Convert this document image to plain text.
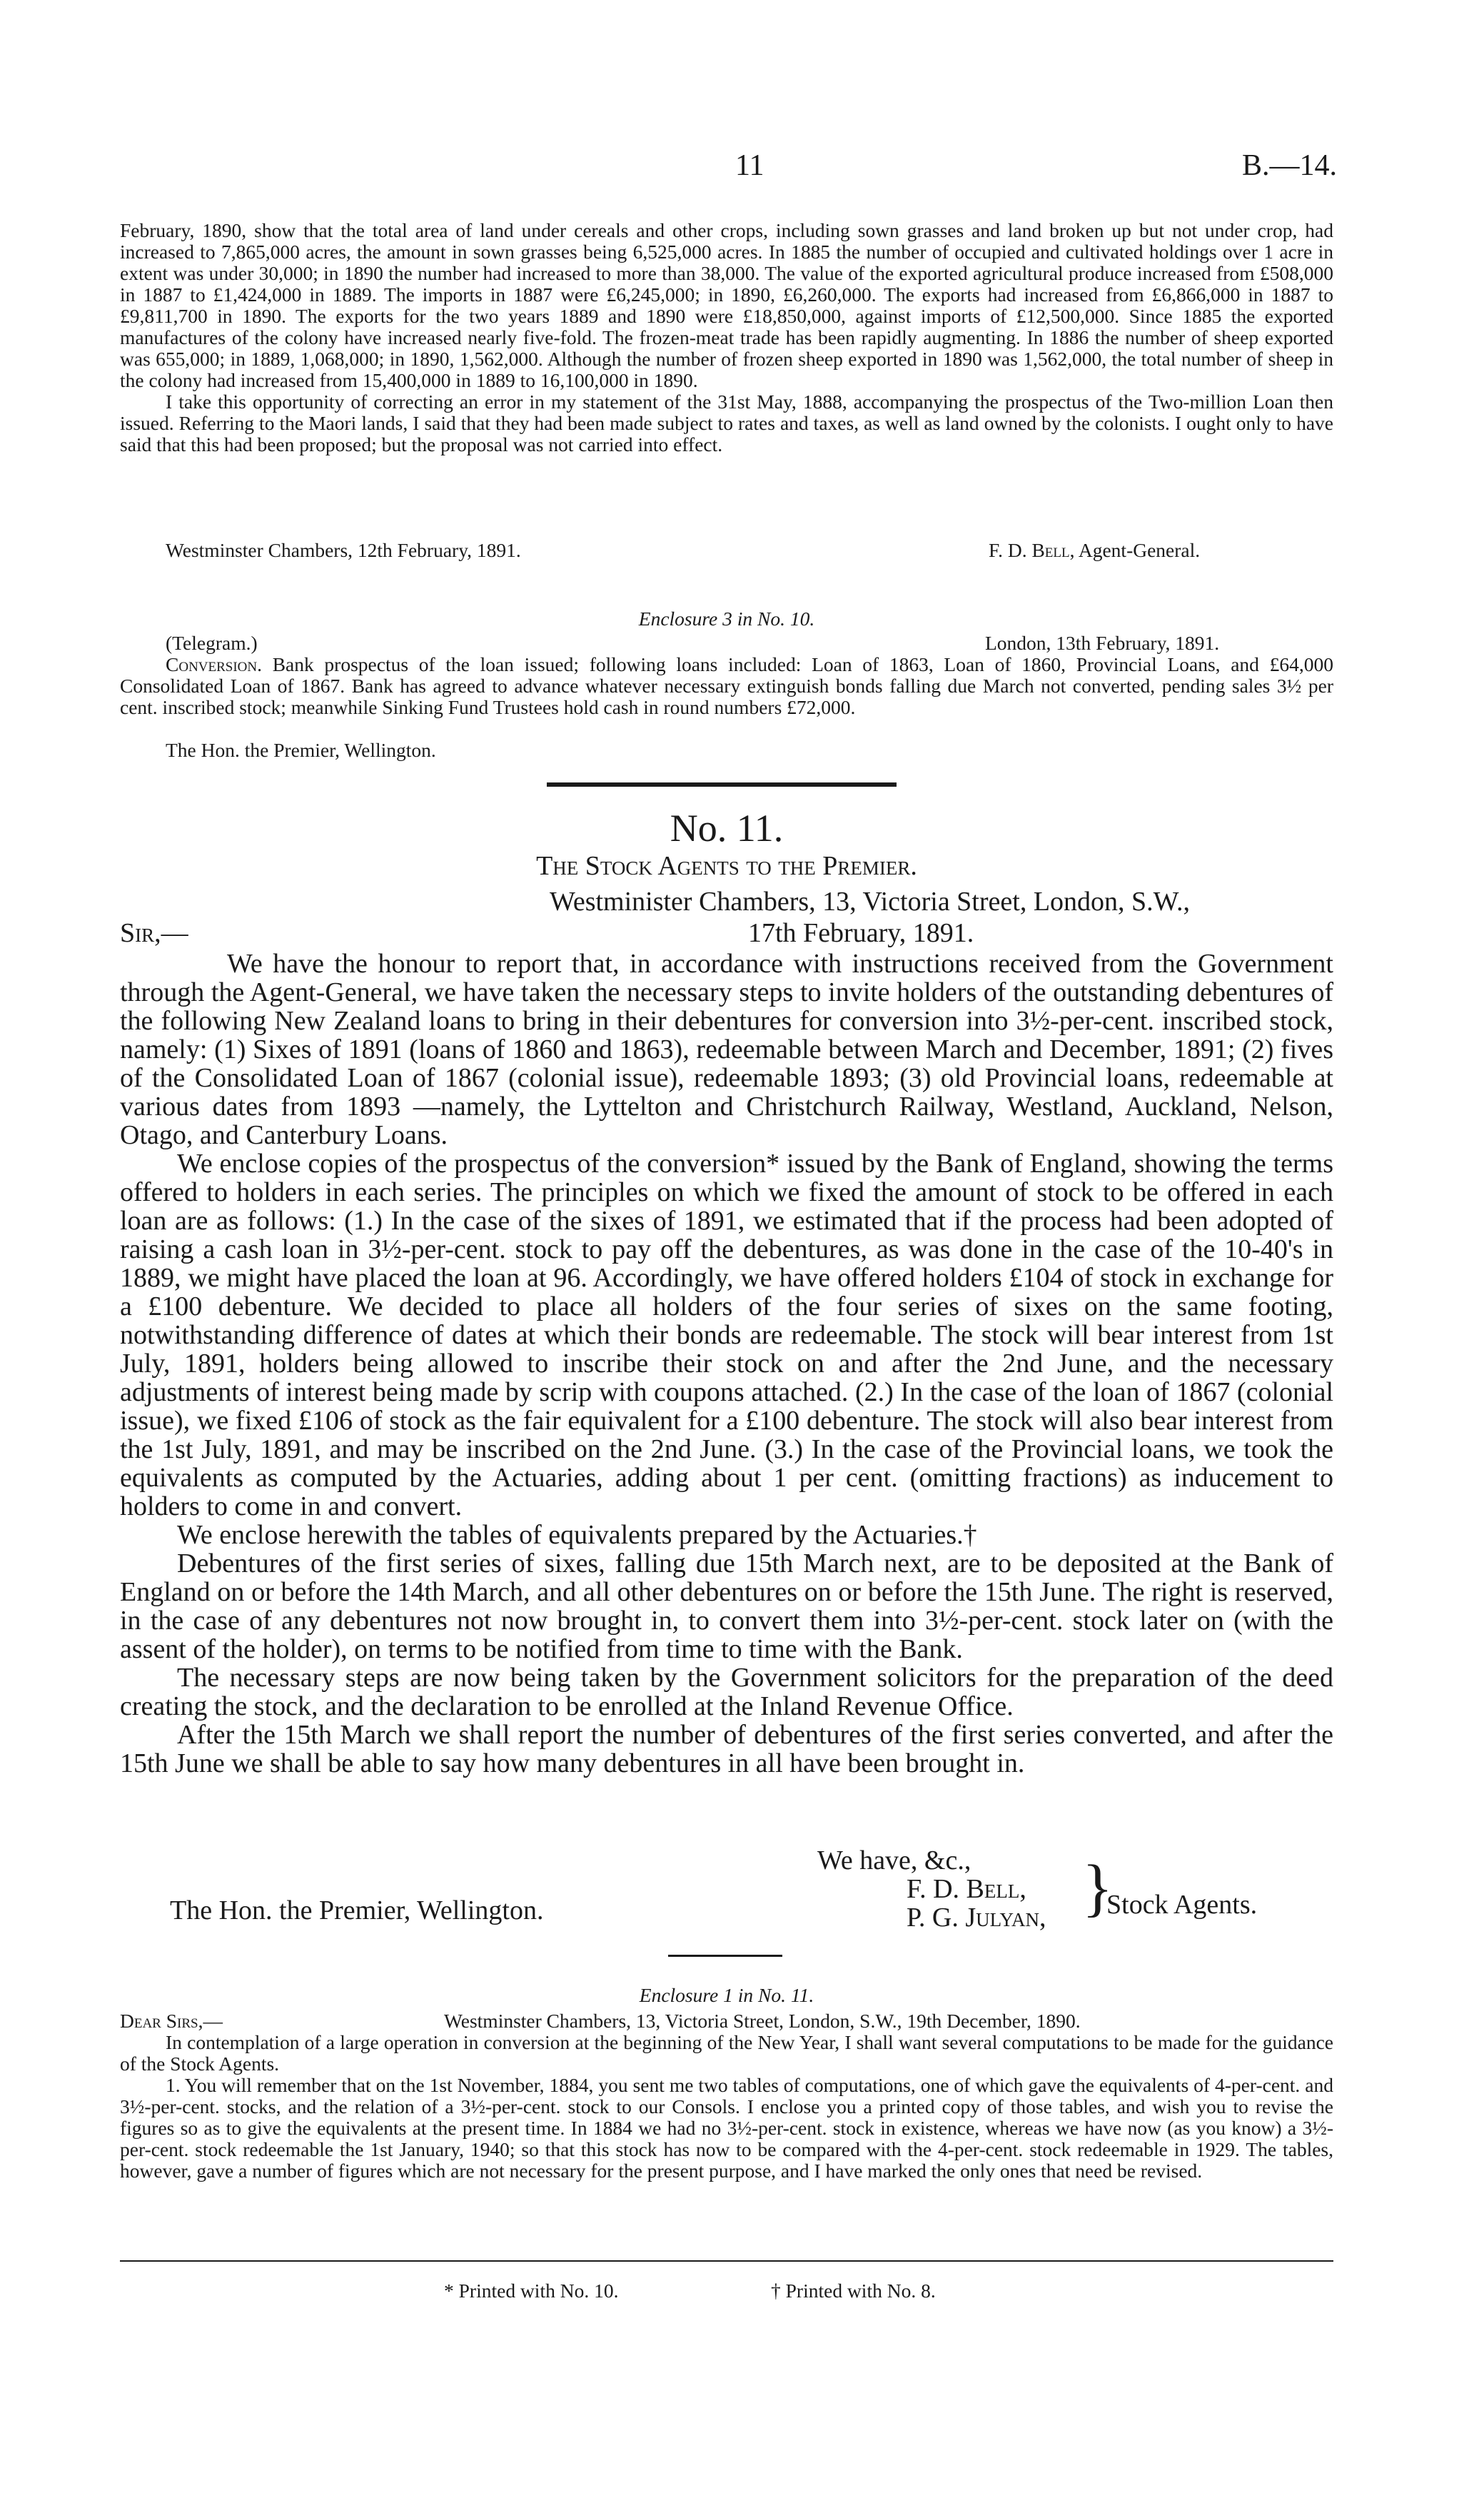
11	B.—14.

February, 1890, show that the total area of land under cereals and other crops, including sown grasses and land broken up but not under crop, had increased to 7,865,000 acres, the amount in sown grasses being 6,525,000 acres. In 1885 the number of occupied and cultivated holdings over 1 acre in extent was under 30,000; in 1890 the number had increased to more than 38,000. The value of the exported agricultural produce increased from £508,000 in 1887 to £1,424,000 in 1889. The imports in 1887 were £6,245,000; in 1890, £6,260,000. The exports had increased from £6,866,000 in 1887 to £9,811,700 in 1890. The exports for the two years 1889 and 1890 were £18,850,000, against imports of £12,500,000. Since 1885 the exported manufactures of the colony have increased nearly five-fold. The frozen-meat trade has been rapidly augmenting. In 1886 the number of sheep exported was 655,000; in 1889, 1,068,000; in 1890, 1,562,000. Although the number of frozen sheep exported in 1890 was 1,562,000, the total number of sheep in the colony had increased from 15,400,000 in 1889 to 16,100,000 in 1890.

I take this opportunity of correcting an error in my statement of the 31st May, 1888, accompanying the prospectus of the Two-million Loan then issued. Referring to the Maori lands, I said that they had been made subject to rates and taxes, as well as land owned by the colonists. I ought only to have said that this had been proposed; but the proposal was not carried into effect.

Westminster Chambers, 12th February, 1891.	F. D. Bell, Agent-General.
Enclosure 3 in No. 10.
(Telegram.)	London, 13th February, 1891.

Conversion. Bank prospectus of the loan issued; following loans included: Loan of 1863, Loan of 1860, Provincial Loans, and £64,000 Consolidated Loan of 1867. Bank has agreed to advance whatever necessary extinguish bonds falling due March not converted, pending sales 3½ per cent. inscribed stock; meanwhile Sinking Fund Trustees hold cash in round numbers £72,000.

The Hon. the Premier, Wellington.
No. 11.
The Stock Agents to the Premier.
Westminister Chambers, 13, Victoria Street, London, S.W.,
Sir,—	17th February, 1891.

We have the honour to report that, in accordance with instructions received from the Government through the Agent-General, we have taken the necessary steps to invite holders of the outstanding debentures of the following New Zealand loans to bring in their debentures for conversion into 3½-per-cent. inscribed stock, namely: (1) Sixes of 1891 (loans of 1860 and 1863), redeemable between March and December, 1891; (2) fives of the Consolidated Loan of 1867 (colonial issue), redeemable 1893; (3) old Provincial loans, redeemable at various dates from 1893 —namely, the Lyttelton and Christchurch Railway, Westland, Auckland, Nelson, Otago, and Canterbury Loans.

We enclose copies of the prospectus of the conversion* issued by the Bank of England, showing the terms offered to holders in each series. The principles on which we fixed the amount of stock to be offered in each loan are as follows: (1.) In the case of the sixes of 1891, we estimated that if the process had been adopted of raising a cash loan in 3½-per-cent. stock to pay off the debentures, as was done in the case of the 10-40's in 1889, we might have placed the loan at 96. Accordingly, we have offered holders £104 of stock in exchange for a £100 debenture. We decided to place all holders of the four series of sixes on the same footing, notwithstanding difference of dates at which their bonds are redeemable. The stock will bear interest from 1st July, 1891, holders being allowed to inscribe their stock on and after the 2nd June, and the necessary adjustments of interest being made by scrip with coupons attached. (2.) In the case of the loan of 1867 (colonial issue), we fixed £106 of stock as the fair equivalent for a £100 debenture. The stock will also bear interest from the 1st July, 1891, and may be inscribed on the 2nd June. (3.) In the case of the Provincial loans, we took the equivalents as computed by the Actuaries, adding about 1 per cent. (omitting fractions) as inducement to holders to come in and convert.

We enclose herewith the tables of equivalents prepared by the Actuaries.†

Debentures of the first series of sixes, falling due 15th March next, are to be deposited at the Bank of England on or before the 14th March, and all other debentures on or before the 15th June. The right is reserved, in the case of any debentures not now brought in, to convert them into 3½-per-cent. stock later on (with the assent of the holder), on terms to be notified from time to time with the Bank.

The necessary steps are now being taken by the Government solicitors for the preparation of the deed creating the stock, and the declaration to be enrolled at the Inland Revenue Office.

After the 15th March we shall report the number of debentures of the first series converted, and after the 15th June we shall be able to say how many debentures in all have been brought in.

We have, &c.,
The Hon. the Premier, Wellington.
F. D. Bell,
P. G. Julyan, }
Stock Agents.
Enclosure 1 in No. 11.
Dear Sirs,—	Westminster Chambers, 13, Victoria Street, London, S.W., 19th December, 1890.

In contemplation of a large operation in conversion at the beginning of the New Year, I shall want several computations to be made for the guidance of the Stock Agents.

1. You will remember that on the 1st November, 1884, you sent me two tables of computations, one of which gave the equivalents of 4-per-cent. and 3½-per-cent. stocks, and the relation of a 3½-per-cent. stock to our Consols. I enclose you a printed copy of those tables, and wish you to revise the figures so as to give the equivalents at the present time. In 1884 we had no 3½-per-cent. stock in existence, whereas we have now (as you know) a 3½-per-cent. stock redeemable the 1st January, 1940; so that this stock has now to be compared with the 4-per-cent. stock redeemable in 1929. The tables, however, gave a number of figures which are not necessary for the present purpose, and I have marked the only ones that need be revised.

* Printed with No. 10.	† Printed with No. 8.
